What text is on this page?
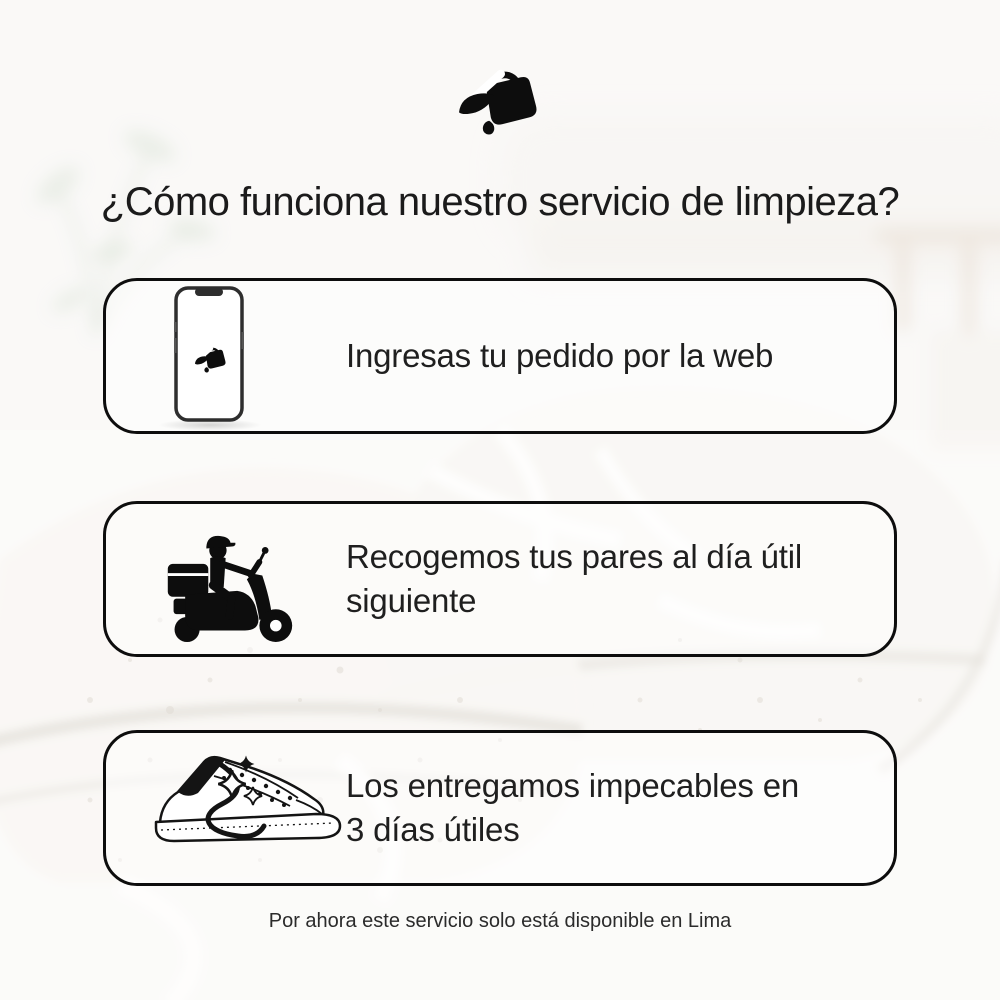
¿Cómo funciona nuestro servicio de limpieza?
Ingresas tu pedido por la web
Recogemos tus pares al día útil
siguiente
Los entregamos impecables en
3 días útiles
Por ahora este servicio solo está disponible en Lima
